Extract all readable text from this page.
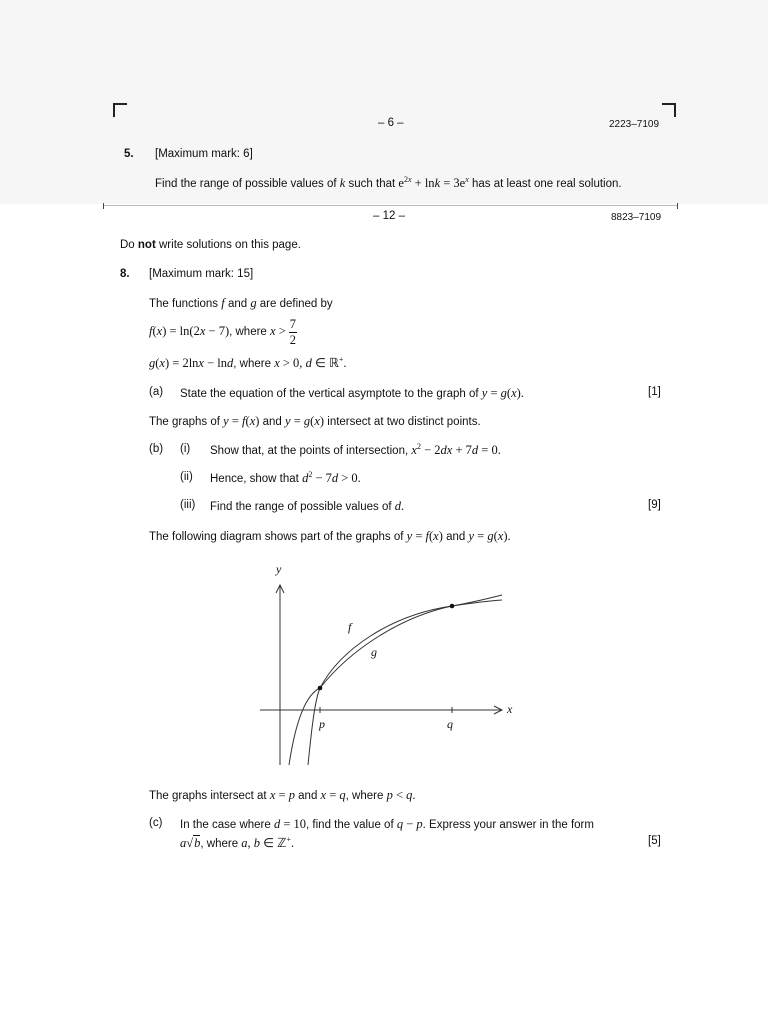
– 6 –	2223–7109
5. [Maximum mark: 6]
Find the range of possible values of k such that $e^{2x} + \ln k = 3e^x$ has at least one real solution.
– 12 –	8823–7109
Do not write solutions on this page.
8. [Maximum mark: 15]
The functions f and g are defined by
f(x) = ln(2x − 7), where $x > \frac{7}{2}$
g(x) = 2lnx − lnd, where x > 0, d ∈ ℝ+.
(a) State the equation of the vertical asymptote to the graph of y = g(x).	[1]
The graphs of y = f(x) and y = g(x) intersect at two distinct points.
(b) (i) Show that, at the points of intersection, $x^2 - 2dx + 7d = 0$.
(ii) Hence, show that $d^2 - 7d > 0$.
(iii) Find the range of possible values of d.	[9]
The following diagram shows part of the graphs of y = f(x) and y = g(x).
y
x
f
g
p	q
The graphs intersect at x = p and x = q, where p < q.
(c) In the case where d = 10, find the value of q − p. Express your answer in the form
a√b, where a, b ∈ ℤ+.	[5]
